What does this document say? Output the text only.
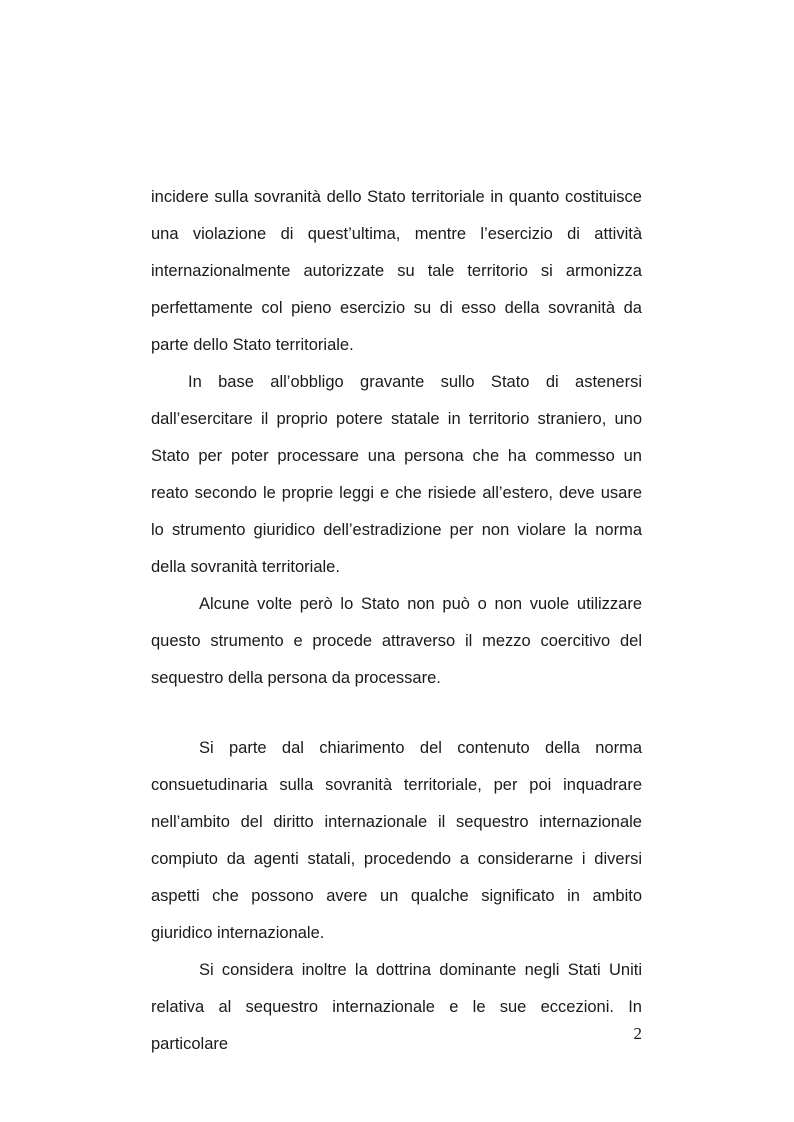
incidere sulla sovranità dello Stato territoriale in quanto costituisce una violazione di quest’ultima, mentre l’esercizio di attività internazionalmente autorizzate su tale territorio si armonizza perfettamente col pieno esercizio su di esso della sovranità da parte dello Stato territoriale.

In base all’obbligo gravante sullo Stato di astenersi dall’esercitare il proprio potere statale in territorio straniero, uno Stato per poter processare una persona che ha commesso un reato secondo le proprie leggi e che risiede all’estero, deve usare lo strumento giuridico dell’estradizione per non violare la norma della sovranità territoriale.

Alcune volte però lo Stato non può o non vuole utilizzare questo strumento e procede attraverso il mezzo coercitivo del sequestro della persona da processare.

Si parte dal chiarimento del contenuto della norma consuetudinaria sulla sovranità territoriale, per poi inquadrare nell’ambito del diritto internazionale il sequestro internazionale compiuto da agenti statali, procedendo a considerarne i diversi aspetti che possono avere un qualche significato in ambito giuridico internazionale.

Si considera inoltre la dottrina dominante negli Stati Uniti relativa al sequestro internazionale e le sue eccezioni. In particolare

2
